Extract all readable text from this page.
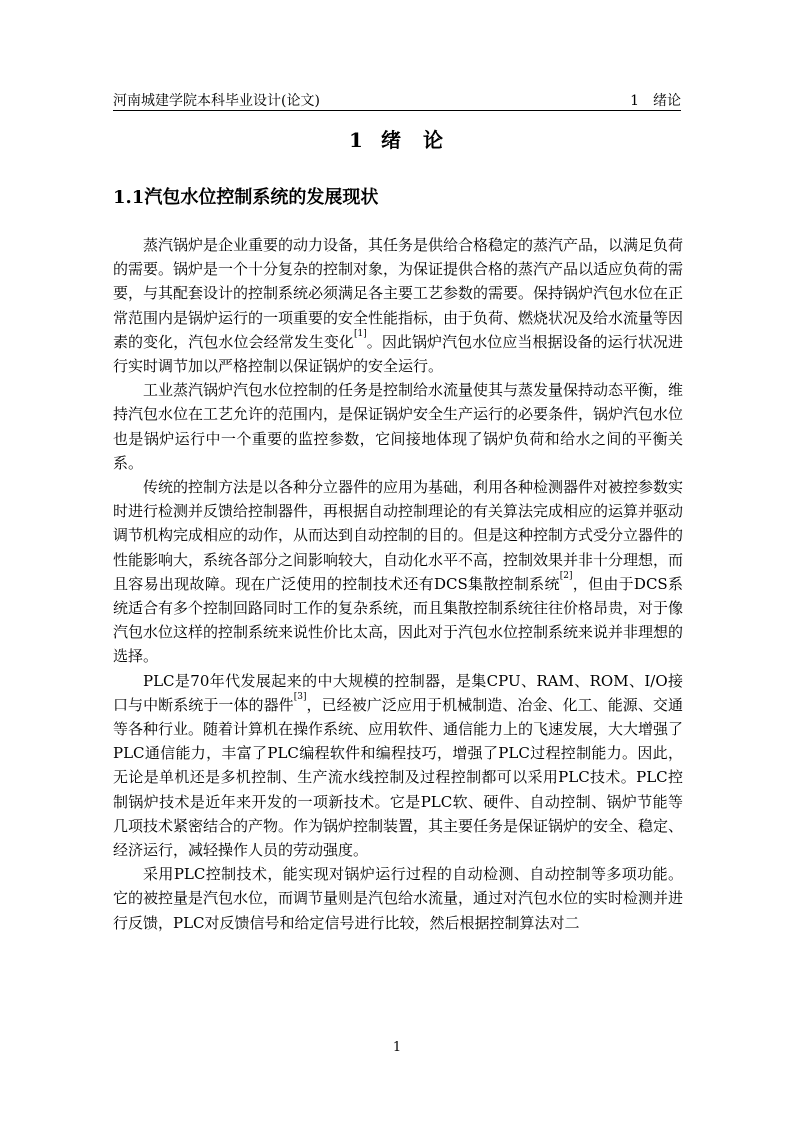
河南城建学院本科毕业设计(论文)	1 绪论
1 绪 论
1.1汽包水位控制系统的发展现状

蒸汽锅炉是企业重要的动力设备，其任务是供给合格稳定的蒸汽产品，以满足负荷的需要。锅炉是一个十分复杂的控制对象，为保证提供合格的蒸汽产品以适应负荷的需要，与其配套设计的控制系统必须满足各主要工艺参数的需要。保持锅炉汽包水位在正常范围内是锅炉运行的一项重要的安全性能指标，由于负荷、燃烧状况及给水流量等因素的变化，汽包水位会经常发生变化[1]。因此锅炉汽包水位应当根据设备的运行状况进行实时调节加以严格控制以保证锅炉的安全运行。

工业蒸汽锅炉汽包水位控制的任务是控制给水流量使其与蒸发量保持动态平衡，维持汽包水位在工艺允许的范围内，是保证锅炉安全生产运行的必要条件，锅炉汽包水位也是锅炉运行中一个重要的监控参数，它间接地体现了锅炉负荷和给水之间的平衡关系。

传统的控制方法是以各种分立器件的应用为基础，利用各种检测器件对被控参数实时进行检测并反馈给控制器件，再根据自动控制理论的有关算法完成相应的运算并驱动调节机构完成相应的动作，从而达到自动控制的目的。但是这种控制方式受分立器件的性能影响大，系统各部分之间影响较大，自动化水平不高，控制效果并非十分理想，而且容易出现故障。现在广泛使用的控制技术还有DCS集散控制系统[2]，但由于DCS系统适合有多个控制回路同时工作的复杂系统，而且集散控制系统往往价格昂贵，对于像汽包水位这样的控制系统来说性价比太高，因此对于汽包水位控制系统来说并非理想的选择。

PLC是70年代发展起来的中大规模的控制器，是集CPU、RAM、ROM、I/O接口与中断系统于一体的器件[3]，已经被广泛应用于机械制造、冶金、化工、能源、交通等各种行业。随着计算机在操作系统、应用软件、通信能力上的飞速发展，大大增强了PLC通信能力，丰富了PLC编程软件和编程技巧，增强了PLC过程控制能力。因此，无论是单机还是多机控制、生产流水线控制及过程控制都可以采用PLC技术。PLC控制锅炉技术是近年来开发的一项新技术。它是PLC软、硬件、自动控制、锅炉节能等几项技术紧密结合的产物。作为锅炉控制装置，其主要任务是保证锅炉的安全、稳定、经济运行，减轻操作人员的劳动强度。

采用PLC控制技术，能实现对锅炉运行过程的自动检测、自动控制等多项功能。它的被控量是汽包水位，而调节量则是汽包给水流量，通过对汽包水位的实时检测并进行反馈，PLC对反馈信号和给定信号进行比较，然后根据控制算法对二

1
